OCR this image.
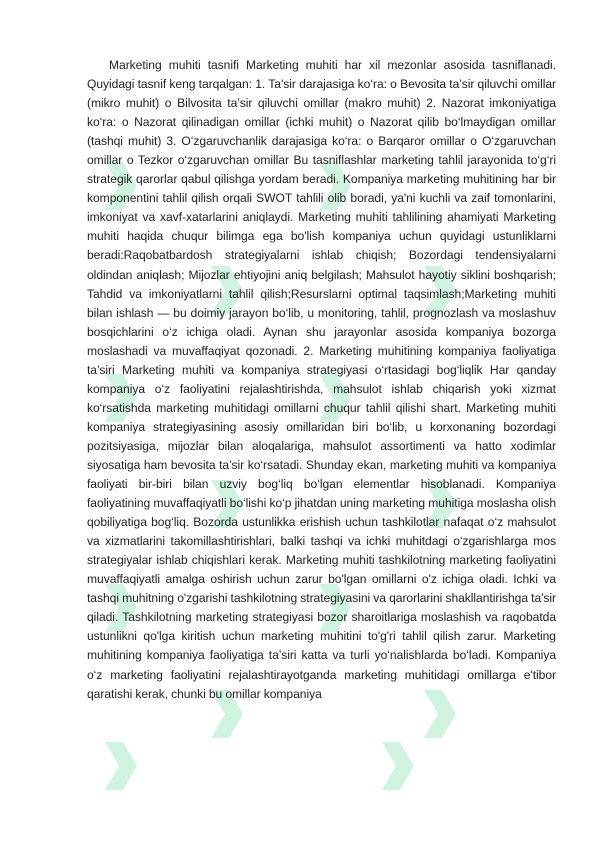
Marketing muhiti tasnifi Marketing muhiti har xil mezonlar asosida tasniflanadi. Quyidagi tasnif keng tarqalgan: 1. Ta’sir darajasiga ko‘ra: o Bevosita ta’sir qiluvchi omillar (mikro muhit) o Bilvosita ta’sir qiluvchi omillar (makro muhit) 2. Nazorat imkoniyatiga ko‘ra: o Nazorat qilinadigan omillar (ichki muhit) o Nazorat qilib bo‘lmaydigan omillar (tashqi muhit) 3. O‘zgaruvchanlik darajasiga ko‘ra: o Barqaror omillar o O‘zgaruvchan omillar o Tezkor o‘zgaruvchan omillar Bu tasniflashlar marketing tahlil jarayonida to‘g‘ri strategik qarorlar qabul qilishga yordam beradi. Kompaniya marketing muhitining har bir komponentini tahlil qilish orqali SWOT tahlili olib boradi, ya'ni kuchli va zaif tomonlarini, imkoniyat va xavf-xatarlarini aniqlaydi. Marketing muhiti tahlilining ahamiyati Marketing muhiti haqida chuqur bilimga ega bo'lish kompaniya uchun quyidagi ustunliklarni beradi:Raqobatbardosh strategiyalarni ishlab chiqish; Bozordagi tendensiyalarni oldindan aniqlash; Mijozlar ehtiyojini aniq belgilash; Mahsulot hayotiy siklini boshqarish; Tahdid va imkoniyatlarni tahlil qilish;Resurslarni optimal taqsimlash;Marketing muhiti bilan ishlash — bu doimiy jarayon bo‘lib, u monitoring, tahlil, prognozlash va moslashuv bosqichlarini o‘z ichiga oladi. Aynan shu jarayonlar asosida kompaniya bozorga moslashadi va muvaffaqiyat qozonadi. 2. Marketing muhitining kompaniya faoliyatiga ta’siri Marketing muhiti va kompaniya strategiyasi o‘rtasidagi bog‘liqlik Har qanday kompaniya o‘z faoliyatini rejalashtirishda, mahsulot ishlab chiqarish yoki xizmat ko‘rsatishda marketing muhitidagi omillarni chuqur tahlil qilishi shart. Marketing muhiti kompaniya strategiyasining asosiy omillaridan biri bo‘lib, u korxonaning bozordagi pozitsiyasiga, mijozlar bilan aloqalariga, mahsulot assortimenti va hatto xodimlar siyosatiga ham bevosita ta’sir ko‘rsatadi. Shunday ekan, marketing muhiti va kompaniya faoliyati bir-biri bilan uzviy bog‘liq bo‘lgan elementlar hisoblanadi. Kompaniya faoliyatining muvaffaqiyatli bo‘lishi ko‘p jihatdan uning marketing muhitiga moslasha olish qobiliyatiga bog‘liq. Bozorda ustunlikka erishish uchun tashkilotlar nafaqat o‘z mahsulot va xizmatlarini takomillashtirishlari, balki tashqi va ichki muhitdagi o‘zgarishlarga mos strategiyalar ishlab chiqishlari kerak. Marketing muhiti tashkilotning marketing faoliyatini muvaffaqiyatli amalga oshirish uchun zarur bo'lgan omillarni o'z ichiga oladi. Ichki va tashqi muhitning o'zgarishi tashkilotning strategiyasini va qarorlarini shakllantirishga ta'sir qiladi. Tashkilotning marketing strategiyasi bozor sharoitlariga moslashish va raqobatda ustunlikni qo'lga kiritish uchun marketing muhitini to'g'ri tahlil qilish zarur. Marketing muhitining kompaniya faoliyatiga ta’siri katta va turli yo‘nalishlarda bo‘ladi. Kompaniya o‘z marketing faoliyatini rejalashtirayotganda marketing muhitidagi omillarga e'tibor qaratishi kerak, chunki bu omillar kompaniya
